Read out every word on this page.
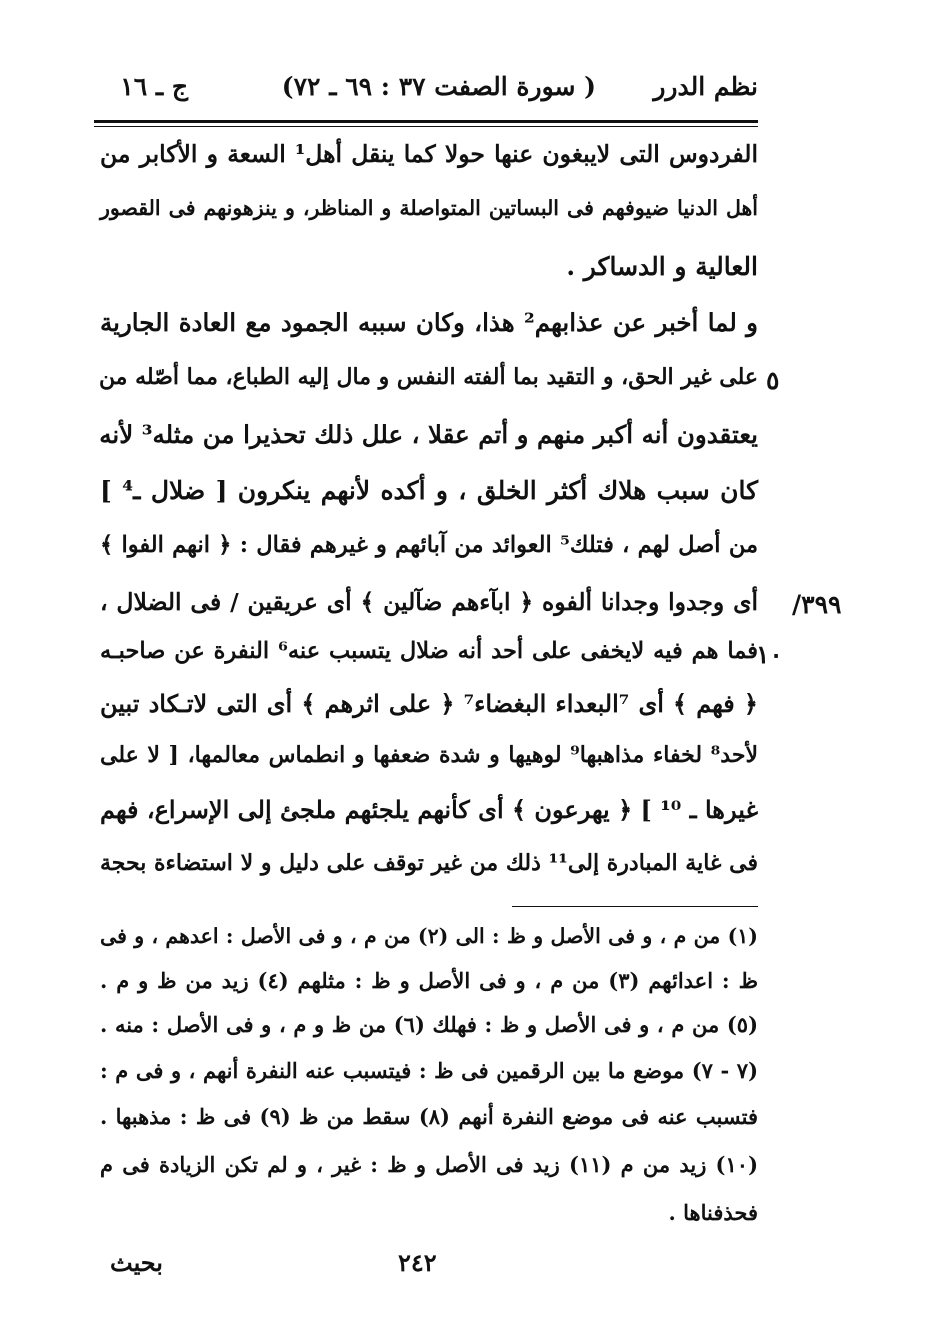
نظم الدرر
( سورة الصفت ٣٧ : ٦٩ ـ ٧٢)
ج ـ ١٦
الفردوس التى لايبغون عنها حولا كما ينقل أهل¹ السعة و الأكابر من
أهل الدنيا ضيوفهم فى البساتين المتواصلة و المناظر، و ينزهونهم فى القصور
العالية و الدساكر .
و لما أخبر عن عذابهم² هذا، وكان سببه الجمود مع العادة الجارية
على غير الحق، و التقيد بما ألفته النفس و مال إليه الطباع، مما أصّله من
يعتقدون أنه أكبر منهم و أتم عقلا ، علل ذلك تحذيرا من مثله³ لأنه
كان سبب هلاك أكثر الخلق ، و أكده لأنهم ينكرون [ ضلال ـ⁴ ]
من أصل لهم ، فتلك⁵ العوائد من آبائهم و غيرهم فقال : ﴿ انهم الفوا ﴾
أى وجدوا وجدانا ألفوه ﴿ ابآءهم ضآلين ﴾ أى عريقين / فى الضلال ،
فما هم فيه لايخفى على أحد أنه ضلال يتسبب عنه⁶ النفرة عن صاحبـه
﴿ فهم ﴾ أى ⁷البعداء البغضاء⁷ ﴿ على اثرهم ﴾ أى التى لاتـكاد تبين
لأحد⁸ لخفاء مذاهبها⁹ لوهيها و شدة ضعفها و انطماس معالمها، [ لا على
غيرها ـ ¹⁰ ] ﴿ يهرعون ﴾ أى كأنهم يلجئهم ملجئ إلى الإسراع، فهم
فى غاية المبادرة إلى¹¹ ذلك من غير توقف على دليل و لا استضاءة بحجة
٥
١٠
٣٩٩/
(١) من م ، و فى الأصل و ظ : الى (٢) من م ، و فى الأصل : اعدهم ، و فى
ظ : اعدائهم (٣) من م ، و فى الأصل و ظ : مثلهم (٤) زيد من ظ و م .
(٥) من م ، و فى الأصل و ظ : فهلك (٦) من ظ و م ، و فى الأصل : منه .
(٧ - ٧) موضع ما بين الرقمين فى ظ : فيتسبب عنه النفرة أنهم ، و فى م :
فتسبب عنه فى موضع النفرة أنهم (٨) سقط من ظ (٩) فى ظ : مذهبها .
(١٠) زيد من م (١١) زيد فى الأصل و ظ : غير ، و لم تكن الزيادة فى م
فحذفناها .
٢٤٢
بحيث
